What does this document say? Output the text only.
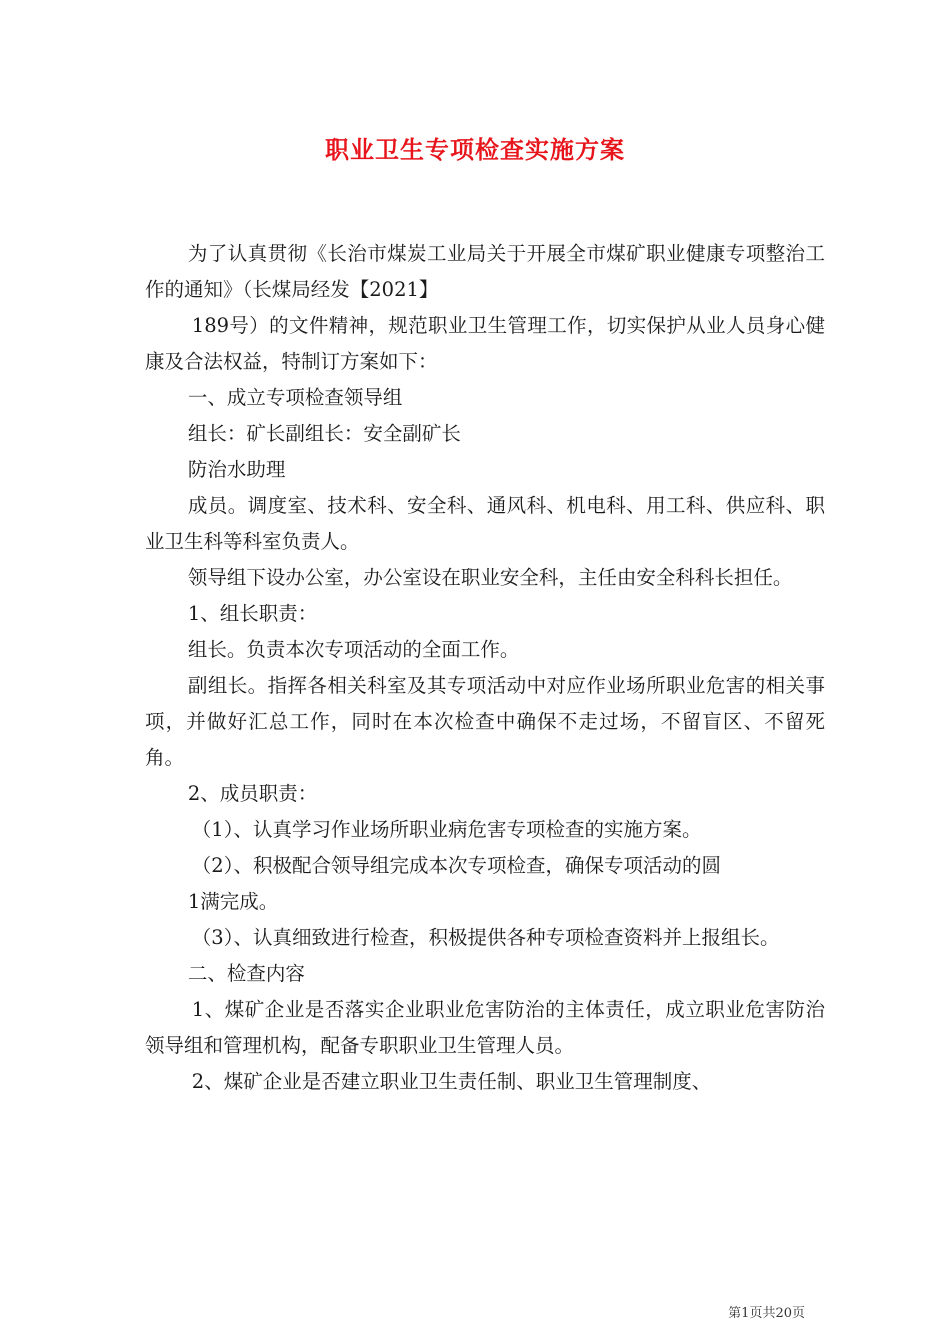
职业卫生专项检查实施方案

为了认真贯彻《长治市煤炭工业局关于开展全市煤矿职业健康专项整治工作的通知》（长煤局经发【2021】

189号）的文件精神，规范职业卫生管理工作，切实保护从业人员身心健康及合法权益，特制订方案如下：

一、成立专项检查领导组

组长：矿长副组长：安全副矿长

防治水助理

成员。调度室、技术科、安全科、通风科、机电科、用工科、供应科、职业卫生科等科室负责人。

领导组下设办公室，办公室设在职业安全科，主任由安全科科长担任。

1、组长职责：

组长。负责本次专项活动的全面工作。

副组长。指挥各相关科室及其专项活动中对应作业场所职业危害的相关事项，并做好汇总工作，同时在本次检查中确保不走过场，不留盲区、不留死角。

2、成员职责：

（1）、认真学习作业场所职业病危害专项检查的实施方案。

（2）、积极配合领导组完成本次专项检查，确保专项活动的圆

1满完成。

（3）、认真细致进行检查，积极提供各种专项检查资料并上报组长。

二、检查内容

1、煤矿企业是否落实企业职业危害防治的主体责任，成立职业危害防治领导组和管理机构，配备专职职业卫生管理人员。

2、煤矿企业是否建立职业卫生责任制、职业卫生管理制度、

第1页共20页
